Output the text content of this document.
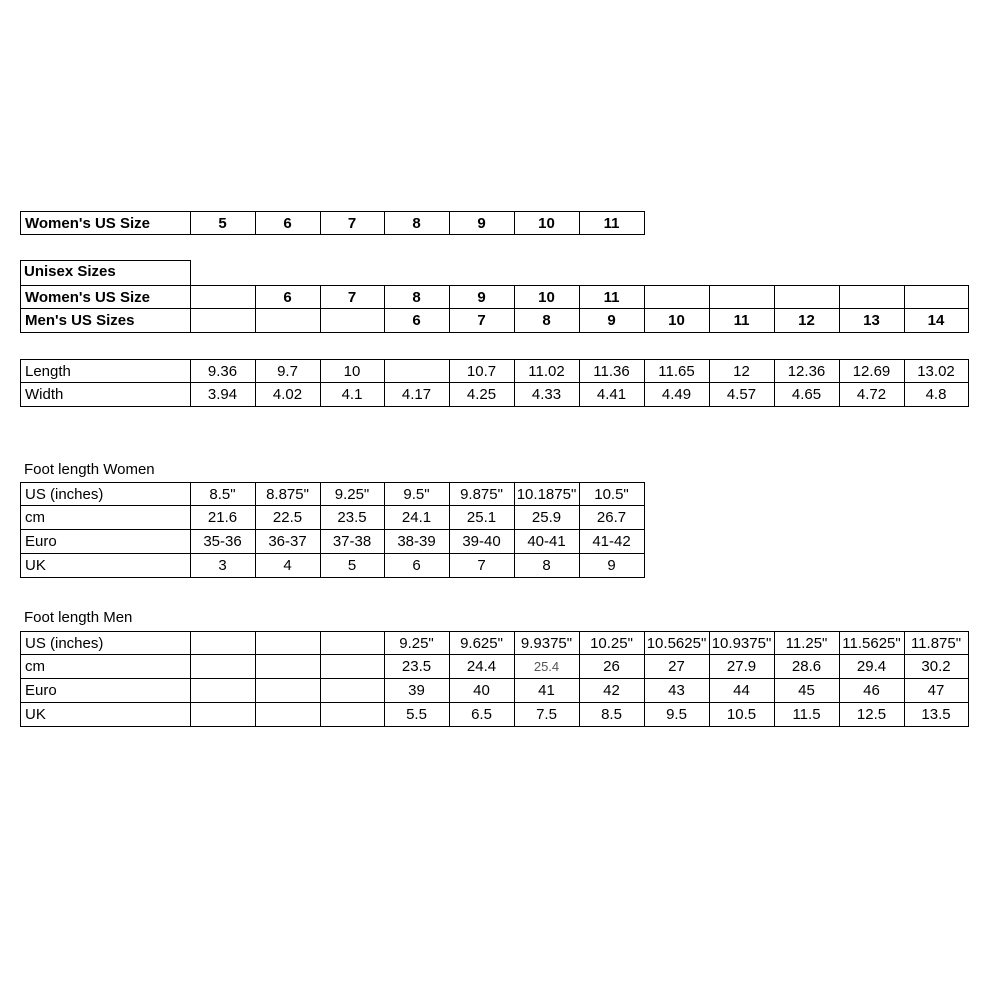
Unisex Sizes
Foot length Women
Foot length Men
Women's US Size	5	6	7	8	9	10	11
Women's US Size	6	7	8	9	10	11
Men's US Sizes	6	7	8	9	10	11	12	13	14
Length	9.36	9.7	10	10.7	11.02	11.36	11.65	12	12.36	12.69	13.02
Width	3.94	4.02	4.1	4.17	4.25	4.33	4.41	4.49	4.57	4.65	4.72	4.8
US (inches)	8.5"	8.875"	9.25"	9.5"	9.875" 10.1875"	10.5"
cm	21.6	22.5	23.5	24.1	25.1	25.9	26.7
Euro	35-36	36-37	37-38	38-39	39-40	40-41	41-42
UK	3	4	5	6	7	8	9
US (inches)	9.25"	9.625"	9.9375"	10.25" 10.5625" 10.9375" 11.25" 11.5625" 11.875"
cm	23.5	24.4	25.4	26	27	27.9	28.6	29.4	30.2
Euro	39	40	41	42	43	44	45	46	47
UK	5.5	6.5	7.5	8.5	9.5	10.5	11.5	12.5	13.5
